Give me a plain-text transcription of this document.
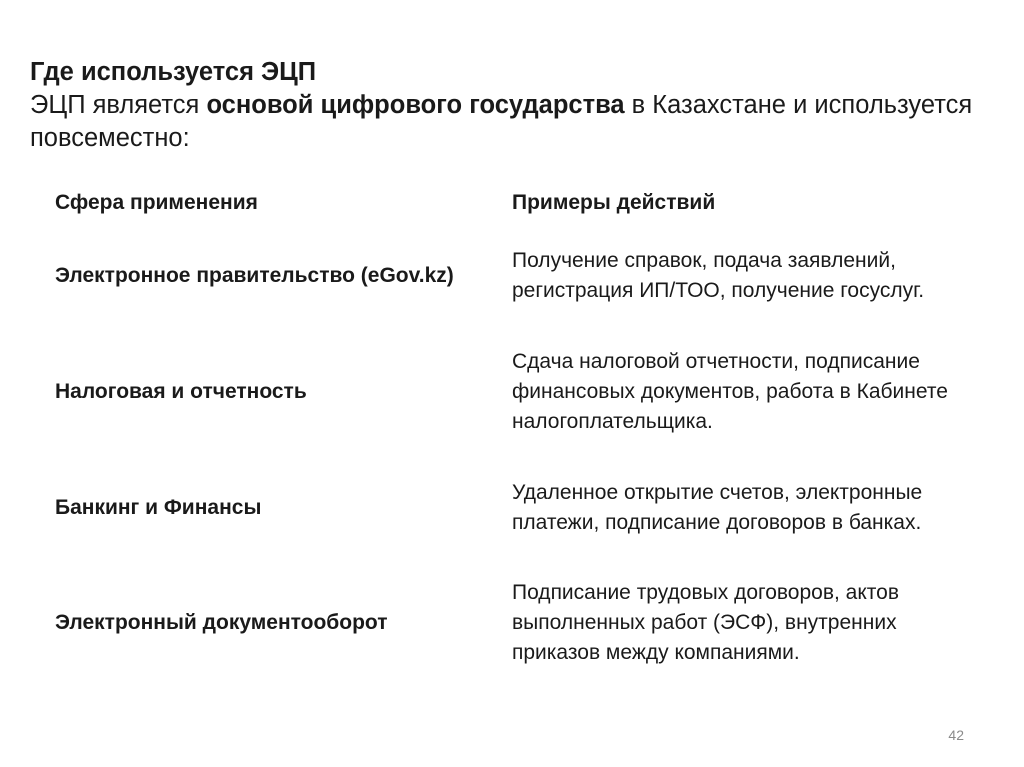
Где используется ЭЦП
ЭЦП является основой цифрового государства в Казахстане и используется повсеместно:
Сфера применения	Примеры действий
Электронное правительство (eGov.kz)
Получение справок, подача заявлений, регистрация ИП/ТОО, получение госуслуг.
Налоговая и отчетность
Сдача налоговой отчетности, подписание финансовых документов, работа в Кабинете налогоплательщика.
Банкинг и Финансы
Удаленное открытие счетов, электронные платежи, подписание договоров в банках.
Электронный документооборот
Подписание трудовых договоров, актов выполненных работ (ЭСФ), внутренних приказов между компаниями.
42
